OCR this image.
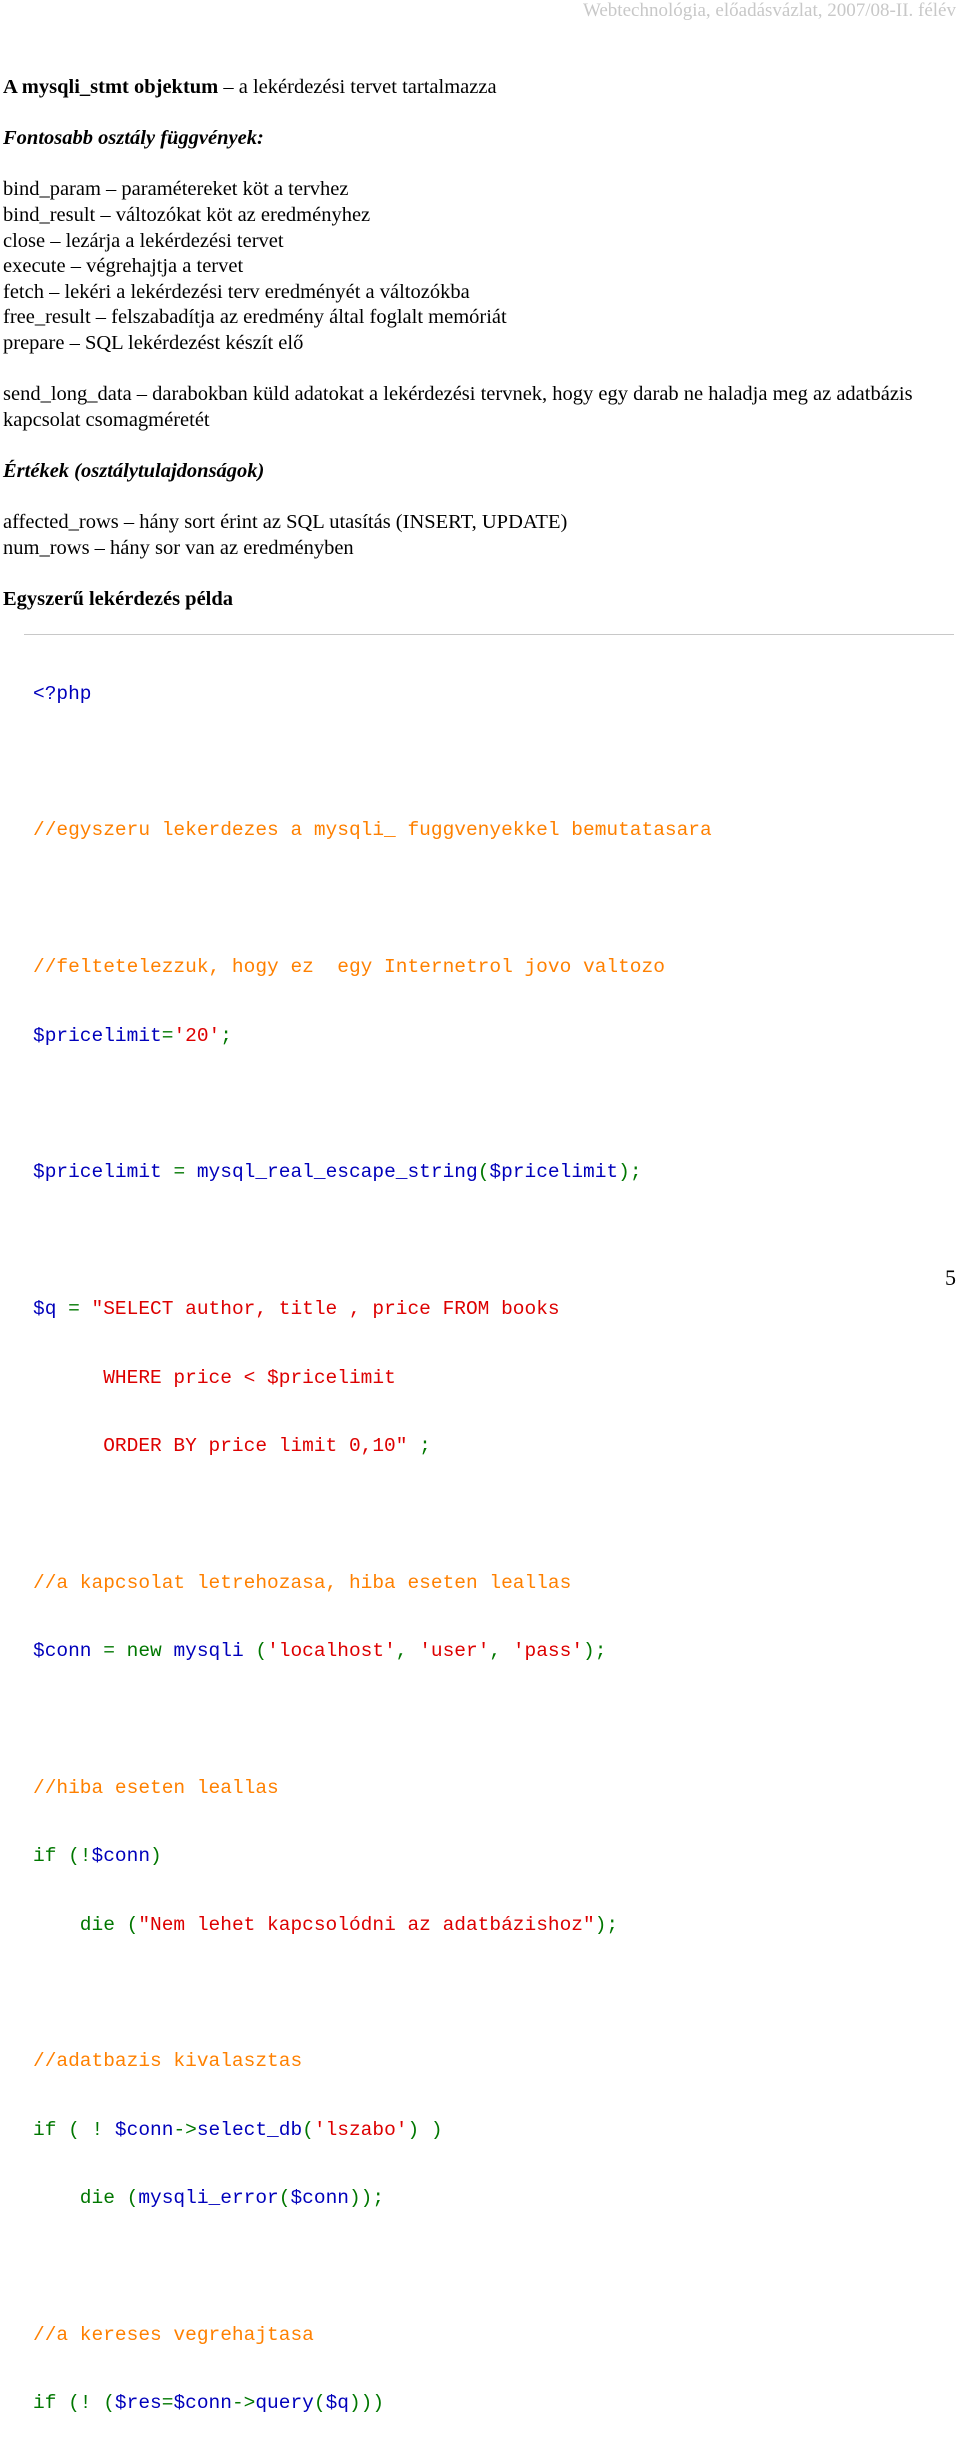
Webtechnológia, előadásvázlat, 2007/08-II. félév
A mysqli_stmt objektum – a lekérdezési tervet tartalmazza
Fontosabb osztály függvények:
bind_param – paramétereket köt a tervhez
bind_result – változókat köt az eredményhez
close – lezárja a lekérdezési tervet
execute – végrehajtja a tervet
fetch – lekéri a lekérdezési terv eredményét a változókba
free_result – felszabadítja az eredmény által foglalt memóriát
prepare – SQL lekérdezést készít elő
send_long_data – darabokban küld adatokat a lekérdezési tervnek, hogy egy darab ne haladja meg az adatbázis kapcsolat csomagméretét
Értékek (osztálytulajdonságok)
affected_rows – hány sort érint az SQL utasítás (INSERT, UPDATE)
num_rows – hány sor van az eredményben
Egyszerű lekérdezés példa

<?php

//egyszeru lekerdezes a mysqli_ fuggvenyekkel bemutatasara

//feltetelezzuk, hogy ez  egy Internetrol jovo valtozo

$pricelimit='20';

$pricelimit = mysql_real_escape_string($pricelimit);

$q = "SELECT author, title , price FROM books

WHERE price < $pricelimit

ORDER BY price limit 0,10" ;

//a kapcsolat letrehozasa, hiba eseten leallas

$conn = new mysqli ('localhost', 'user', 'pass');

//hiba eseten leallas

if (!$conn)

die ("Nem lehet kapcsolódni az adatbázishoz");

//adatbazis kivalasztas

if ( ! $conn->select_db('lszabo') )

die (mysqli_error($conn));

//a kereses vegrehajtasa

if (! ($res=$conn->query($q)))

5
